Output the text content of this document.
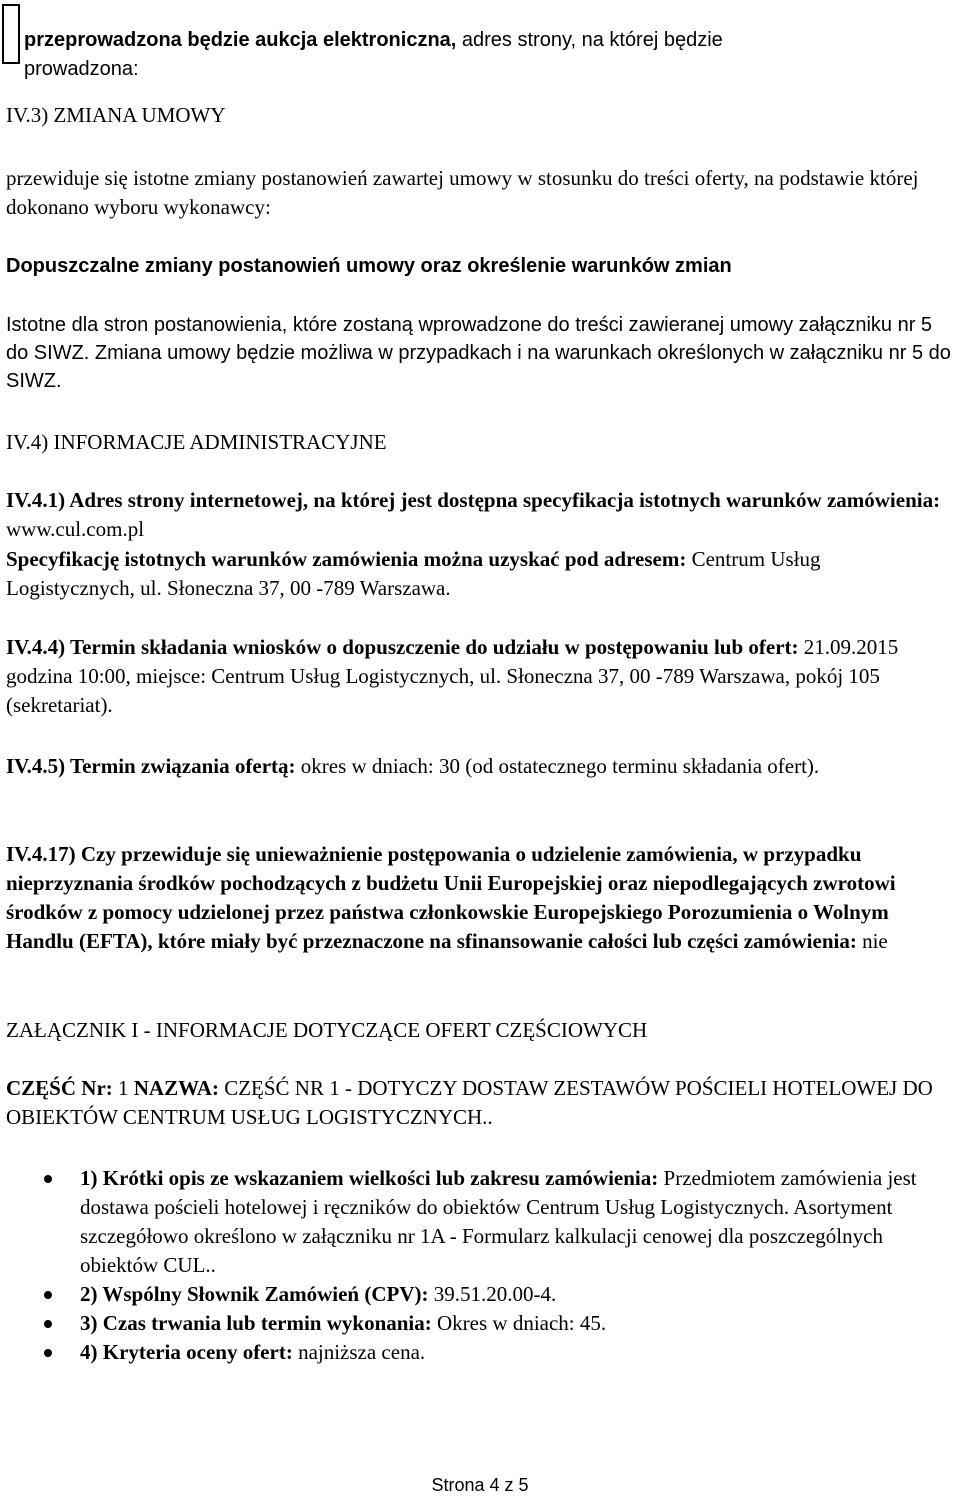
przeprowadzona będzie aukcja elektroniczna, adres strony, na której będzie
prowadzona:

IV.3) ZMIANA UMOWY

przewiduje się istotne zmiany postanowień zawartej umowy w stosunku do treści oferty, na podstawie której dokonano wyboru wykonawcy:

Dopuszczalne zmiany postanowień umowy oraz określenie warunków zmian

Istotne dla stron postanowienia, które zostaną wprowadzone do treści zawieranej umowy załączniku nr 5 do SIWZ. Zmiana umowy będzie możliwa w przypadkach i na warunkach określonych w załączniku nr 5 do SIWZ.

IV.4) INFORMACJE ADMINISTRACYJNE

IV.4.1) Adres strony internetowej, na której jest dostępna specyfikacja istotnych warunków zamówienia: www.cul.com.pl

Specyfikację istotnych warunków zamówienia można uzyskać pod adresem: Centrum Usług Logistycznych, ul. Słoneczna 37, 00 -789 Warszawa.

IV.4.4) Termin składania wniosków o dopuszczenie do udziału w postępowaniu lub ofert: 21.09.2015 godzina 10:00, miejsce: Centrum Usług Logistycznych, ul. Słoneczna 37, 00 -789 Warszawa, pokój 105 (sekretariat).

IV.4.5) Termin związania ofertą: okres w dniach: 30 (od ostatecznego terminu składania ofert).

IV.4.17) Czy przewiduje się unieważnienie postępowania o udzielenie zamówienia, w przypadku nieprzyznania środków pochodzących z budżetu Unii Europejskiej oraz niepodlegających zwrotowi środków z pomocy udzielonej przez państwa członkowskie Europejskiego Porozumienia o Wolnym Handlu (EFTA), które miały być przeznaczone na sfinansowanie całości lub części zamówienia: nie

ZAŁĄCZNIK I - INFORMACJE DOTYCZĄCE OFERT CZĘŚCIOWYCH

CZĘŚĆ Nr: 1 NAZWA: CZĘŚĆ NR 1 - DOTYCZY DOSTAW ZESTAWÓW POŚCIELI HOTELOWEJ DO OBIEKTÓW CENTRUM USŁUG LOGISTYCZNYCH..

1) Krótki opis ze wskazaniem wielkości lub zakresu zamówienia: Przedmiotem zamówienia jest dostawa pościeli hotelowej i ręczników do obiektów Centrum Usług Logistycznych. Asortyment szczegółowo określono w załączniku nr 1A - Formularz kalkulacji cenowej dla poszczególnych obiektów CUL..
2) Wspólny Słownik Zamówień (CPV): 39.51.20.00-4.
3) Czas trwania lub termin wykonania: Okres w dniach: 45.
4) Kryteria oceny ofert: najniższa cena.
Strona 4 z 5
